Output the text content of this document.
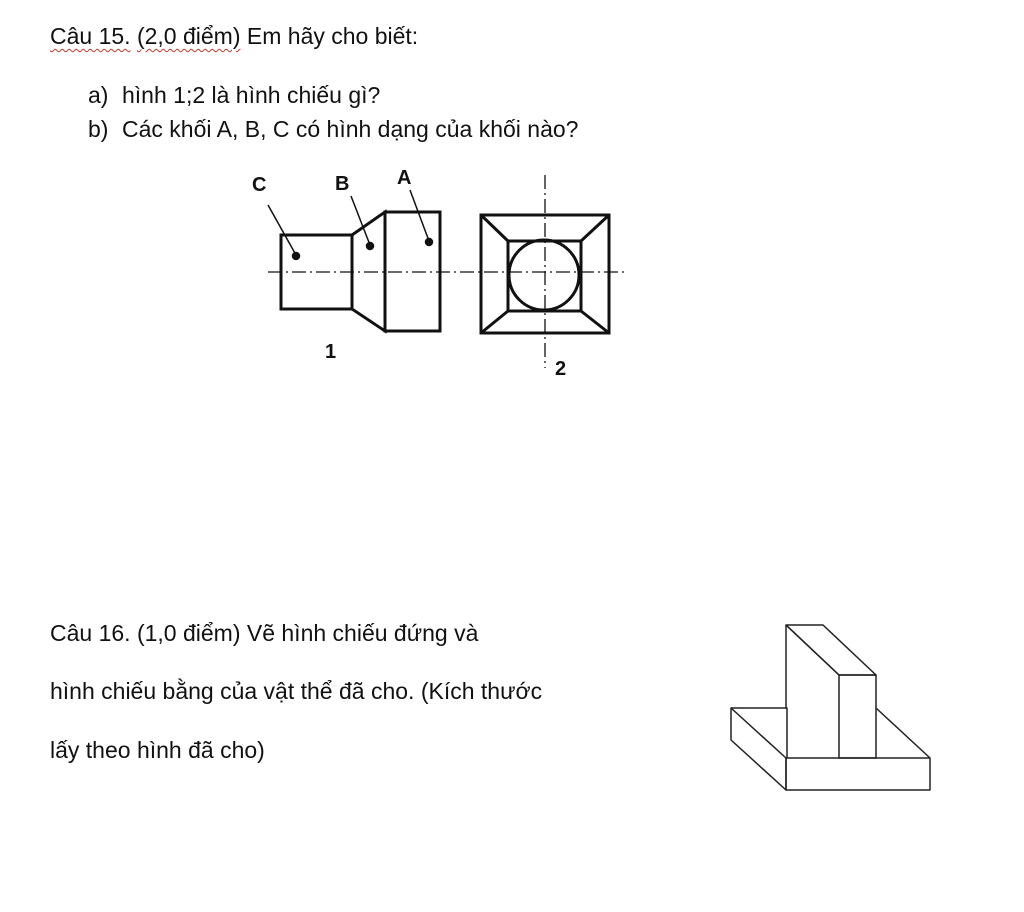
Câu 15. (2,0 điểm) Em hãy cho biết:
a) hình 1;2 là hình chiếu gì?
b) Các khối A, B, C có hình dạng của khối nào?
Câu 16. (1,0 điểm) Vẽ hình chiếu đứng và
hình chiếu bằng của vật thể đã cho. (Kích thước
lấy theo hình đã cho)
C	B A
1
2
